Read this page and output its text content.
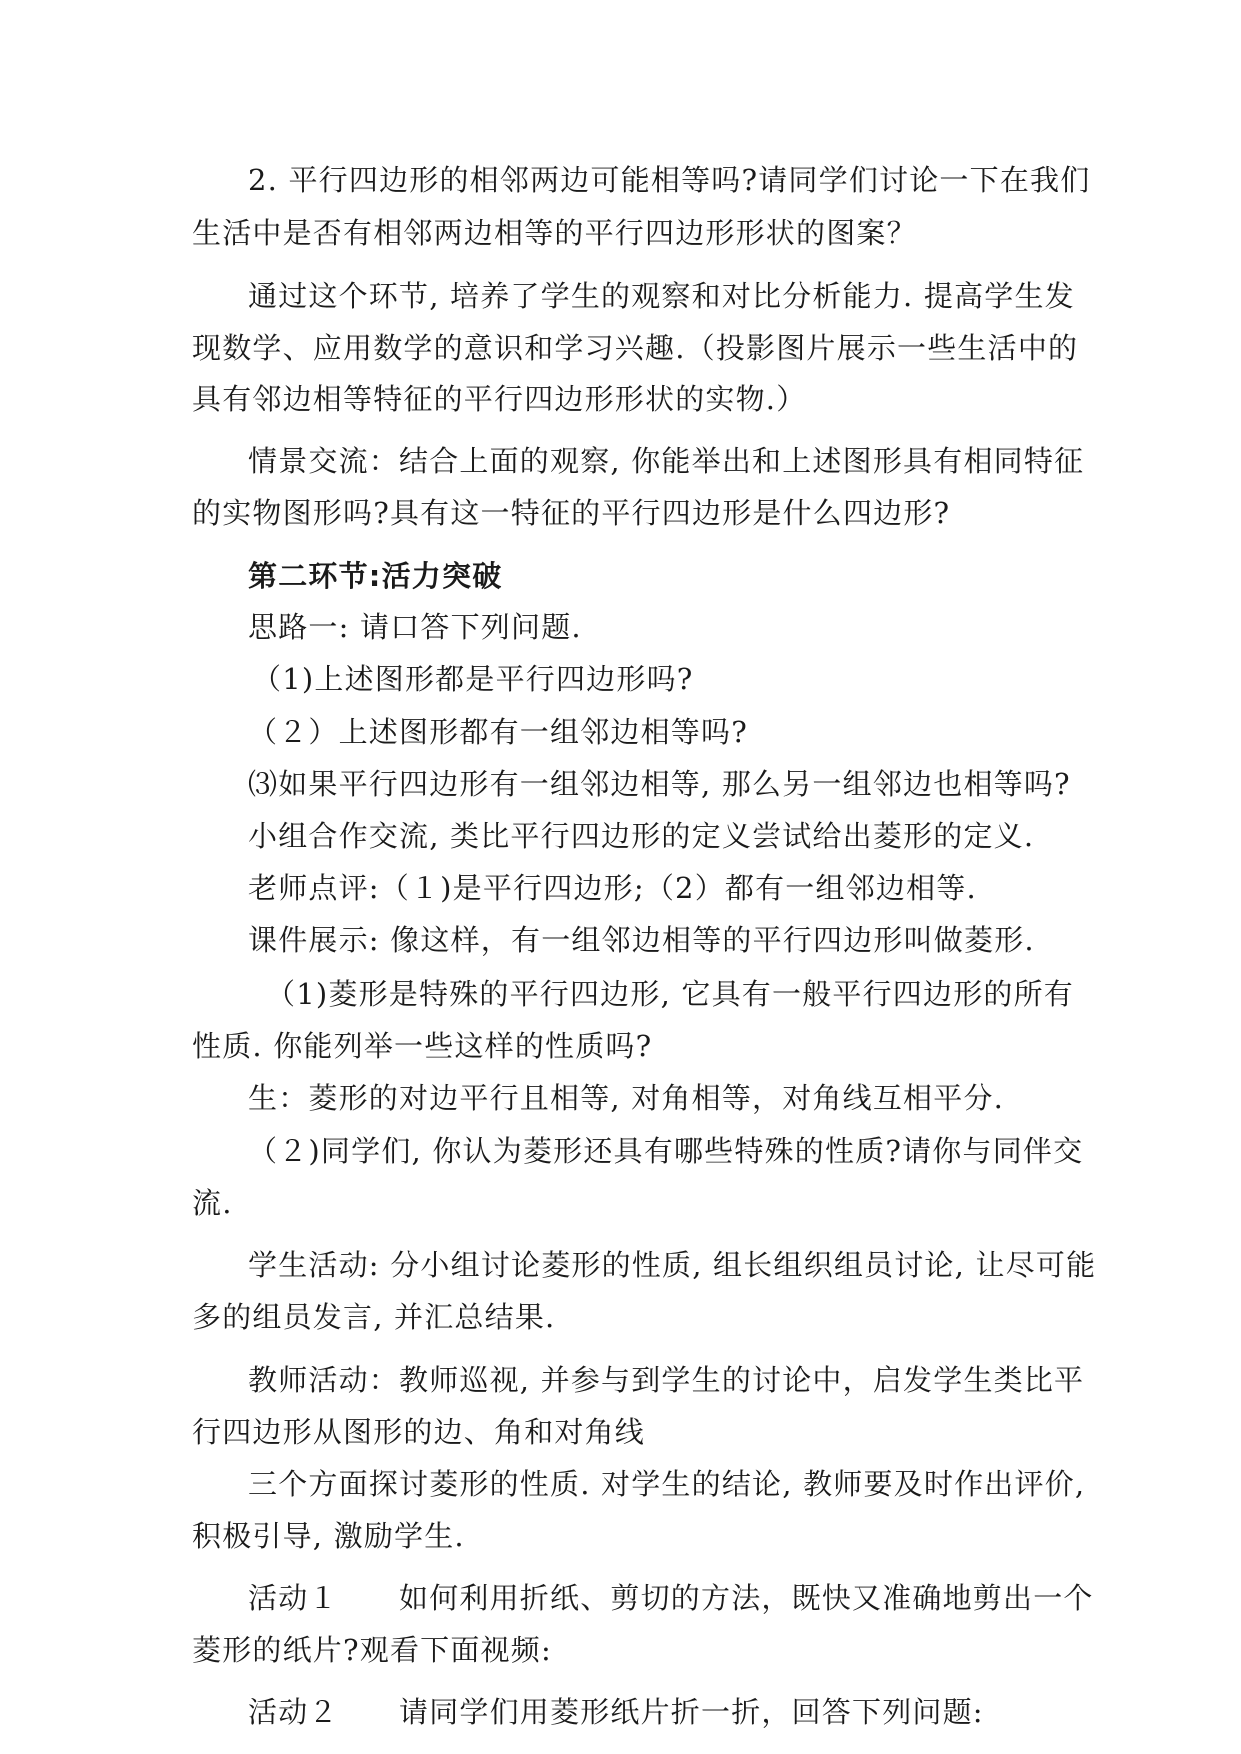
2. 平行四边形的相邻两边可能相等吗?请同学们讨论一下在我们
生活中是否有相邻两边相等的平行四边形形状的图案？
通过这个环节, 培养了学生的观察和对比分析能力. 提高学生发
现数学、应用数学的意识和学习兴趣.（投影图片展示一些生活中的
具有邻边相等特征的平行四边形形状的实物.）
情景交流：结合上面的观察, 你能举出和上述图形具有相同特征
的实物图形吗?具有这一特征的平行四边形是什么四边形?
第二环节:活力突破
思路一: 请口答下列问题.
（1)上述图形都是平行四边形吗?
（２）上述图形都有一组邻边相等吗?
⑶如果平行四边形有一组邻边相等, 那么另一组邻边也相等吗?
小组合作交流, 类比平行四边形的定义尝试给出菱形的定义.
老师点评:（１)是平行四边形;（2）都有一组邻边相等.
课件展示: 像这样，有一组邻边相等的平行四边形叫做菱形.
（1)菱形是特殊的平行四边形, 它具有一般平行四边形的所有
性质. 你能列举一些这样的性质吗?
生：菱形的对边平行且相等, 对角相等，对角线互相平分.
（２)同学们, 你认为菱形还具有哪些特殊的性质?请你与同伴交
流.
学生活动: 分小组讨论菱形的性质, 组长组织组员讨论, 让尽可能
多的组员发言, 并汇总结果.
教师活动：教师巡视, 并参与到学生的讨论中，启发学生类比平
行四边形从图形的边、角和对角线
三个方面探讨菱形的性质. 对学生的结论, 教师要及时作出评价,
积极引导, 激励学生.
活动１　　如何利用折纸、剪切的方法，既快又准确地剪出一个
菱形的纸片?观看下面视频:
活动２　　请同学们用菱形纸片折一折，回答下列问题:
